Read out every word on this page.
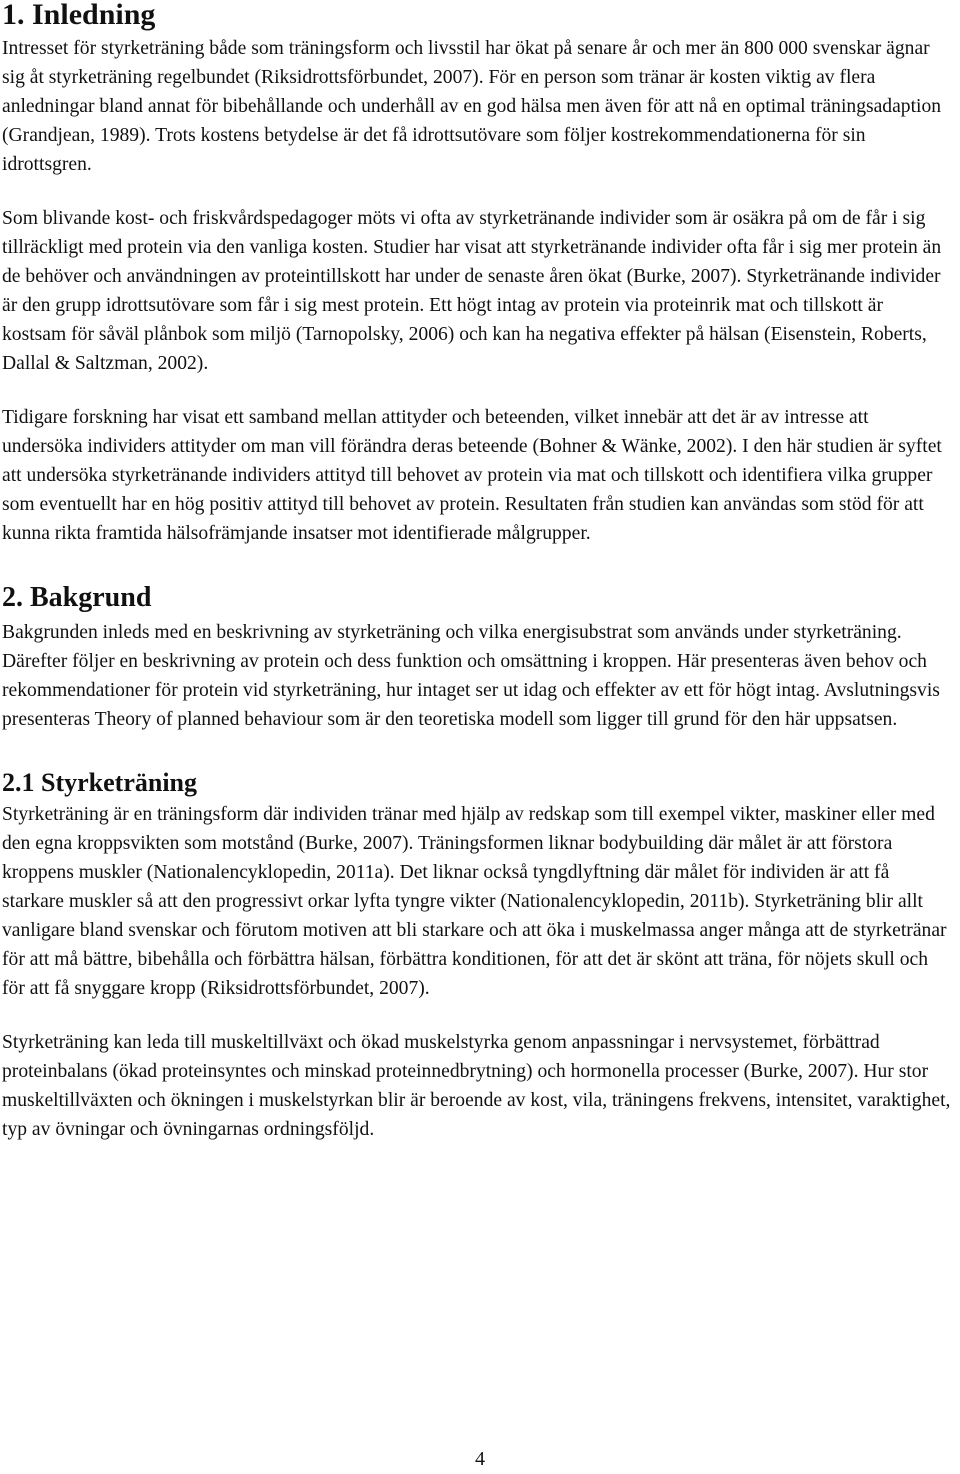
1. Inledning

Intresset för styrketräning både som träningsform och livsstil har ökat på senare år och mer än 800 000 svenskar ägnar sig åt styrketräning regelbundet (Riksidrottsförbundet, 2007). För en person som tränar är kosten viktig av flera anledningar bland annat för bibehållande och underhåll av en god hälsa men även för att nå en optimal träningsadaption (Grandjean, 1989). Trots kostens betydelse är det få idrottsutövare som följer kostrekommendationerna för sin idrottsgren.

Som blivande kost- och friskvårdspedagoger möts vi ofta av styrketränande individer som är osäkra på om de får i sig tillräckligt med protein via den vanliga kosten. Studier har visat att styrketränande individer ofta får i sig mer protein än de behöver och användningen av proteintillskott har under de senaste åren ökat (Burke, 2007). Styrketränande individer är den grupp idrottsutövare som får i sig mest protein. Ett högt intag av protein via proteinrik mat och tillskott är kostsam för såväl plånbok som miljö (Tarnopolsky, 2006) och kan ha negativa effekter på hälsan (Eisenstein, Roberts, Dallal & Saltzman, 2002).

Tidigare forskning har visat ett samband mellan attityder och beteenden, vilket innebär att det är av intresse att undersöka individers attityder om man vill förändra deras beteende (Bohner & Wänke, 2002). I den här studien är syftet att undersöka styrketränande individers attityd till behovet av protein via mat och tillskott och identifiera vilka grupper som eventuellt har en hög positiv attityd till behovet av protein. Resultaten från studien kan användas som stöd för att kunna rikta framtida hälsofrämjande insatser mot identifierade målgrupper.

2. Bakgrund

Bakgrunden inleds med en beskrivning av styrketräning och vilka energisubstrat som används under styrketräning. Därefter följer en beskrivning av protein och dess funktion och omsättning i kroppen. Här presenteras även behov och rekommendationer för protein vid styrketräning, hur intaget ser ut idag och effekter av ett för högt intag. Avslutningsvis presenteras Theory of planned behaviour som är den teoretiska modell som ligger till grund för den här uppsatsen.

2.1 Styrketräning

Styrketräning är en träningsform där individen tränar med hjälp av redskap som till exempel vikter, maskiner eller med den egna kroppsvikten som motstånd (Burke, 2007). Träningsformen liknar bodybuilding där målet är att förstora kroppens muskler (Nationalencyklopedin, 2011a). Det liknar också tyngdlyftning där målet för individen är att få starkare muskler så att den progressivt orkar lyfta tyngre vikter (Nationalencyklopedin, 2011b). Styrketräning blir allt vanligare bland svenskar och förutom motiven att bli starkare och att öka i muskelmassa anger många att de styrketränar för att må bättre, bibehålla och förbättra hälsan, förbättra konditionen, för att det är skönt att träna, för nöjets skull och för att få snyggare kropp (Riksidrottsförbundet, 2007).

Styrketräning kan leda till muskeltillväxt och ökad muskelstyrka genom anpassningar i nervsystemet, förbättrad proteinbalans (ökad proteinsyntes och minskad proteinnedbrytning) och hormonella processer (Burke, 2007). Hur stor muskeltillväxten och ökningen i muskelstyrkan blir är beroende av kost, vila, träningens frekvens, intensitet, varaktighet, typ av övningar och övningarnas ordningsföljd.

4
